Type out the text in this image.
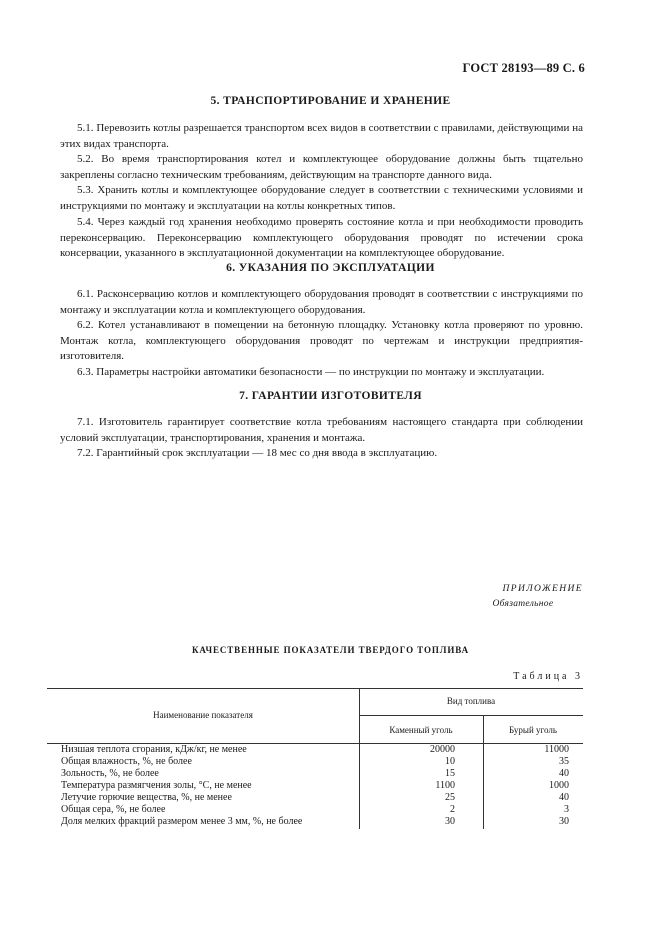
ГОСТ 28193—89 С. 6
5. ТРАНСПОРТИРОВАНИЕ И ХРАНЕНИЕ

5.1. Перевозить котлы разрешается транспортом всех видов в соответствии с правилами, действующими на этих видах транспорта.

5.2. Во время транспортирования котел и комплектующее оборудование должны быть тщательно закреплены согласно техническим требованиям, действующим на транспорте данного вида.

5.3. Хранить котлы и комплектующее оборудование следует в соответствии с техническими условиями и инструкциями по монтажу и эксплуатации на котлы конкретных типов.

5.4. Через каждый год хранения необходимо проверять состояние котла и при необходимости проводить переконсервацию. Переконсервацию комплектующего оборудования проводят по истечении срока консервации, указанного в эксплуатационной документации на комплектующее оборудование.

6. УКАЗАНИЯ ПО ЭКСПЛУАТАЦИИ

6.1. Расконсервацию котлов и комплектующего оборудования проводят в соответствии с инструкциями по монтажу и эксплуатации котла и комплектующего оборудования.

6.2. Котел устанавливают в помещении на бетонную площадку. Установку котла проверяют по уровню. Монтаж котла, комплектующего оборудования проводят по чертежам и инструкции предприятия-изготовителя.

6.3. Параметры настройки автоматики безопасности — по инструкции по монтажу и эксплуатации.

7. ГАРАНТИИ ИЗГОТОВИТЕЛЯ

7.1. Изготовитель гарантирует соответствие котла требованиям настоящего стандарта при соблюдении условий эксплуатации, транспортирования, хранения и монтажа.

7.2. Гарантийный срок эксплуатации — 18 мес со дня ввода в эксплуатацию.

ПРИЛОЖЕНИЕ
Обязательное
КАЧЕСТВЕННЫЕ ПОКАЗАТЕЛИ ТВЕРДОГО ТОПЛИВА
Таблица 3
Наименование показателя
Вид топлива
Каменный уголь	Бурый уголь
Низшая теплота сгорания, кДж/кг, не менее	20000	11000
Общая влажность, %, не более	10	35
Зольность, %, не более	15	40
Температура размягчения золы, °С, не менее	1100	1000
Летучие горючие вещества, %, не менее	25	40
Общая сера, %, не более	2	3
Доля мелких фракций размером менее 3 мм, %, не более	30	30
